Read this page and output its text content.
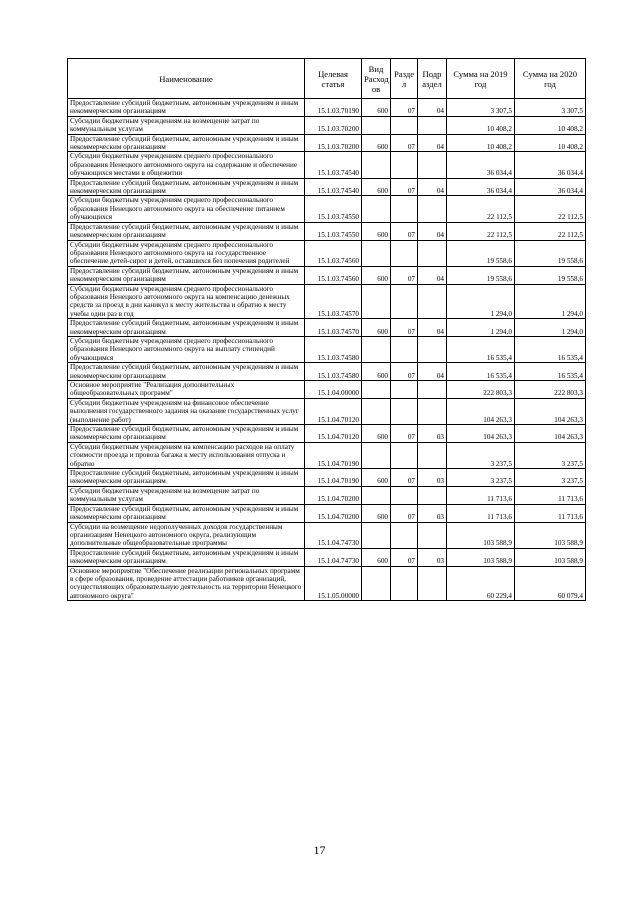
Наименование	Целевая статья	Вид Расход ов	Разде л	Подр аздел	Сумма на 2019 год	Сумма на 2020 год
Предоставление субсидий бюджетным, автономным учреждениям и иным некоммерческим организациям	15.1.03.70190	600	07	04	3 307,5	3 307,5
Субсидии бюджетным учреждениям на возмещение затрат по коммунальным услугам	15.1.03.70200				10 408,2	10 408,2
Предоставление субсидий бюджетным, автономным учреждениям и иным некоммерческим организациям	15.1.03.70200	600	07	04	10 408,2	10 408,2
Субсидии бюджетным учреждениям среднего профессионального образования Ненецкого автономного округа на содержание и обеспечение обучающихся местами в общежитии	15.1.03.74540				36 034,4	36 034,4
Предоставление субсидий бюджетным, автономным учреждениям и иным некоммерческим организациям	15.1.03.74540	600	07	04	36 034,4	36 034,4
Субсидии бюджетным учреждениям среднего профессионального образования Ненецкого автономного округа на обеспечение питанием обучающихся	15.1.03.74550				22 112,5	22 112,5
Предоставление субсидий бюджетным, автономным учреждениям и иным некоммерческим организациям	15.1.03.74550	600	07	04	22 112,5	22 112,5
Субсидии бюджетным учреждениям среднего профессионального образования Ненецкого автономного округа на государственное обеспечение детей-сирот и детей, оставшихся без попечения родителей	15.1.03.74560				19 558,6	19 558,6
Предоставление субсидий бюджетным, автономным учреждениям и иным некоммерческим организациям	15.1.03.74560	600	07	04	19 558,6	19 558,6
Субсидии бюджетным учреждениям среднего профессионального образования Ненецкого автономного округа на компенсацию денежных средств за проезд в дни каникул к месту жительства и обратно к месту учебы один раз в год	15.1.03.74570				1 294,0	1 294,0
Предоставление субсидий бюджетным, автономным учреждениям и иным некоммерческим организациям	15.1.03.74570	600	07	04	1 294,0	1 294,0
Субсидии бюджетным учреждениям среднего профессионального образования Ненецкого автономного округа на выплату стипендий обучающимся	15.1.03.74580				16 535,4	16 535,4
Предоставление субсидий бюджетным, автономным учреждениям и иным некоммерческим организациям	15.1.03.74580	600	07	04	16 535,4	16 535,4
Основное мероприятие "Реализация дополнительных общеобразовательных программ"	15.1.04.00000				222 803,3	222 803,3
Субсидии бюджетным учреждениям на финансовое обеспечение выполнения государственного задания на оказание государственных услуг (выполнение работ)	15.1.04.70120				104 263,3	104 263,3
Предоставление субсидий бюджетным, автономным учреждениям и иным некоммерческим организациям	15.1.04.70120	600	07	03	104 263,3	104 263,3
Субсидии бюджетным учреждениям на компенсацию расходов на оплату стоимости проезда и провоза багажа к месту использования отпуска и обратно	15.1.04.70190				3 237,5	3 237,5
Предоставление субсидий бюджетным, автономным учреждениям и иным некоммерческим организациям	15.1.04.70190	600	07	03	3 237,5	3 237,5
Субсидии бюджетным учреждениям на возмещение затрат по коммунальным услугам	15.1.04.70200				11 713,6	11 713,6
Предоставление субсидий бюджетным, автономным учреждениям и иным некоммерческим организациям	15.1.04.70200	600	07	03	11 713,6	11 713,6
Субсидии на возмещение недополученных доходов государственным организациям Ненецкого автономного округа, реализующим дополнительные общеобразовательные программы	15.1.04.74730				103 588,9	103 588,9
Предоставление субсидий бюджетным, автономным учреждениям и иным некоммерческим организациям	15.1.04.74730	600	07	03	103 588,9	103 588,9
Основное мероприятие "Обеспечение реализации региональных программ в сфере образования, проведение аттестации работников организаций, осуществляющих образовательную деятельность на территории Ненецкого автономного округа"	15.1.05.00000				60 229,4	60 079,4
17
